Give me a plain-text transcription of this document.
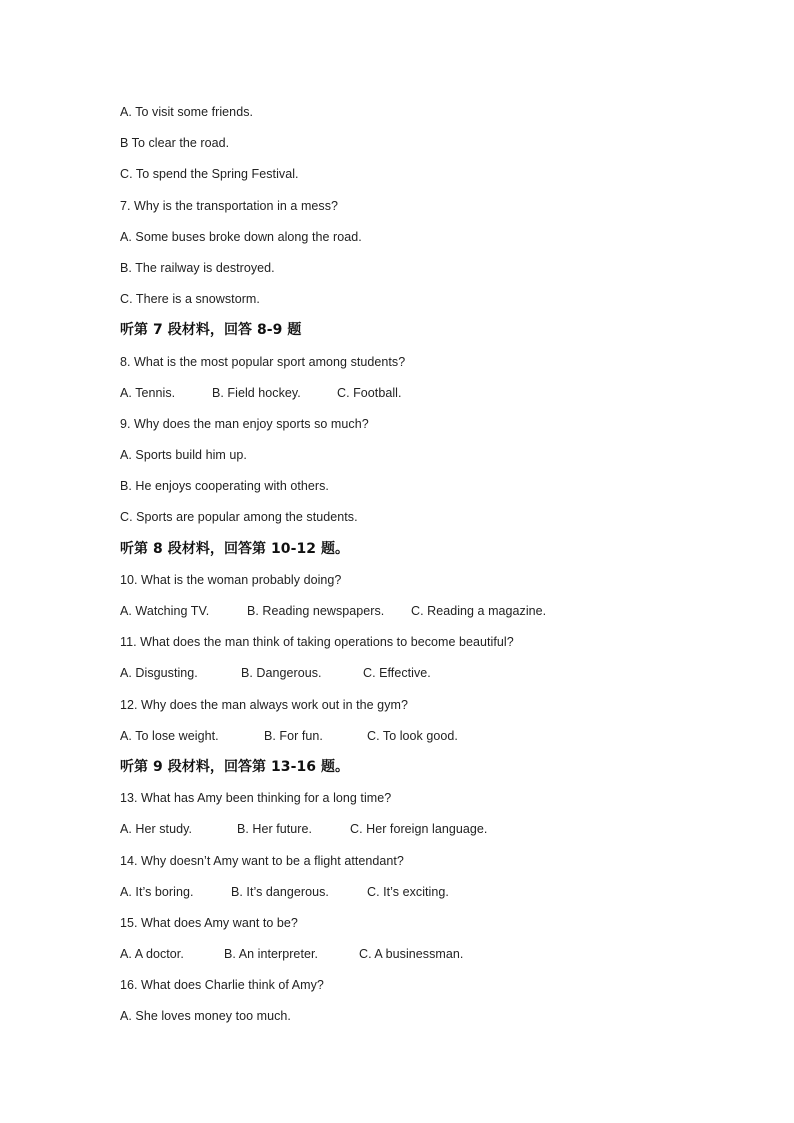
A. To visit some friends.
B To clear the road.
C. To spend the Spring Festival.
7. Why is the transportation in a mess?
A. Some buses broke down along the road.
B. The railway is destroyed.
C. There is a snowstorm.
听第 7 段材料，回答 8-9 题
8. What is the most popular sport among students?
A. Tennis.	B. Field hockey.	C. Football.
9. Why does the man enjoy sports so much?
A. Sports build him up.
B. He enjoys cooperating with others.
C. Sports are popular among the students.
听第 8 段材料，回答第 10-12 题。
10. What is the woman probably doing?
A. Watching TV.	B. Reading newspapers. C. Reading a magazine.
11. What does the man think of taking operations to become beautiful?
A. Disgusting.	B. Dangerous.	C. Effective.
12. Why does the man always work out in the gym?
A. To lose weight.	B. For fun.	C. To look good.
听第 9 段材料，回答第 13-16 题。
13. What has Amy been thinking for a long time?
A. Her study.	B. Her future.	C. Her foreign language.
14. Why doesn’t Amy want to be a flight attendant?
A. It’s boring.	B. It’s dangerous.	C. It’s exciting.
15. What does Amy want to be?
A. A doctor.	B. An interpreter.	C. A businessman.
16. What does Charlie think of Amy?
A. She loves money too much.
